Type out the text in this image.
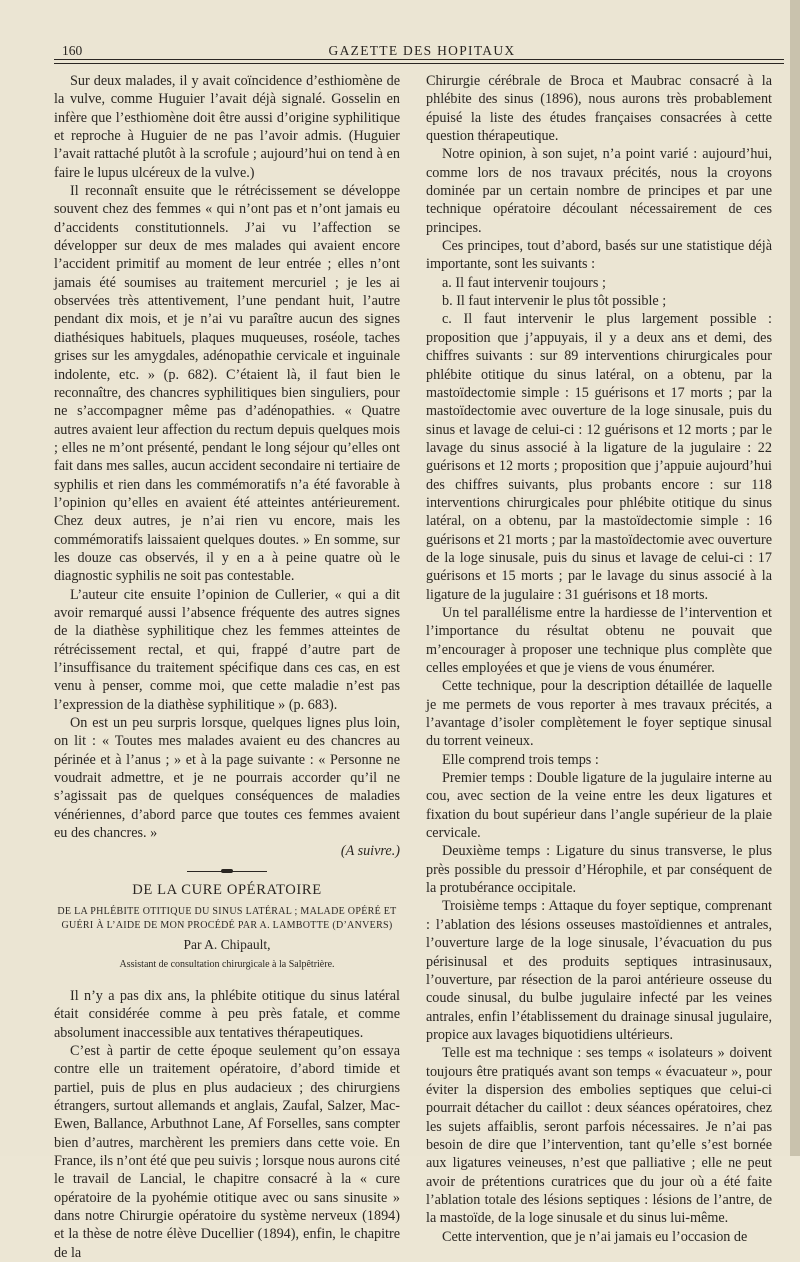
160	GAZETTE DES HOPITAUX

Sur deux malades, il y avait coïncidence d’esthiomène de la vulve, comme Huguier l’avait déjà signalé. Gosselin en infère que l’esthiomène doit être aussi d’origine syphilitique et reproche à Huguier de ne pas l’avoir admis. (Huguier l’avait rattaché plutôt à la scrofule ; aujourd’hui on tend à en faire le lupus ulcéreux de la vulve.)

Il reconnaît ensuite que le rétrécissement se développe souvent chez des femmes « qui n’ont pas et n’ont jamais eu d’accidents constitutionnels. J’ai vu l’affection se développer sur deux de mes malades qui avaient encore l’accident primitif au moment de leur entrée ; elles n’ont jamais été soumises au traitement mercuriel ; je les ai observées très attentivement, l’une pendant huit, l’autre pendant dix mois, et je n’ai vu paraître aucun des signes diathésiques habituels, plaques muqueuses, roséole, taches grises sur les amygdales, adénopathie cervicale et inguinale indolente, etc. » (p. 682). C’étaient là, il faut bien le reconnaître, des chancres syphilitiques bien singuliers, pour ne s’accompagner même pas d’adénopathies. « Quatre autres avaient leur affection du rectum depuis quelques mois ; elles ne m’ont présenté, pendant le long séjour qu’elles ont fait dans mes salles, aucun accident secondaire ni tertiaire de syphilis et rien dans les commémoratifs n’a été favorable à l’opinion qu’elles en avaient été atteintes antérieurement. Chez deux autres, je n’ai rien vu encore, mais les commémoratifs laissaient quelques doutes. » En somme, sur les douze cas observés, il y en a à peine quatre où le diagnostic syphilis ne soit pas contestable.

L’auteur cite ensuite l’opinion de Cullerier, « qui a dit avoir remarqué aussi l’absence fréquente des autres signes de la diathèse syphilitique chez les femmes atteintes de rétrécissement rectal, et qui, frappé d’autre part de l’insuffisance du traitement spécifique dans ces cas, en est venu à penser, comme moi, que cette maladie n’est pas l’expression de la diathèse syphilitique » (p. 683).

On est un peu surpris lorsque, quelques lignes plus loin, on lit : « Toutes mes malades avaient eu des chancres au périnée et à l’anus ; » et à la page suivante : « Personne ne voudrait admettre, et je ne pourrais accorder qu’il ne s’agissait pas de quelques conséquences de maladies vénériennes, d’abord parce que toutes ces femmes avaient eu des chancres. »

(A suivre.)

DE LA CURE OPÉRATOIRE
DE LA PHLÉBITE OTITIQUE DU SINUS LATÉRAL ; MALADE OPÉRÉ ET GUÉRI À L’AIDE DE MON PROCÉDÉ PAR A. LAMBOTTE (D’ANVERS)
Par A. Chipault,
Assistant de consultation chirurgicale à la Salpêtrière.

Il n’y a pas dix ans, la phlébite otitique du sinus latéral était considérée comme à peu près fatale, et comme absolument inaccessible aux tentatives thérapeutiques.

C’est à partir de cette époque seulement qu’on essaya contre elle un traitement opératoire, d’abord timide et partiel, puis de plus en plus audacieux ; des chirurgiens étrangers, surtout allemands et anglais, Zaufal, Salzer, Mac-Ewen, Ballance, Arbuthnot Lane, Af Forselles, sans compter bien d’autres, marchèrent les premiers dans cette voie. En France, ils n’ont été que peu suivis ; lorsque nous aurons cité le travail de Lancial, le chapitre consacré à la « cure opératoire de la pyohémie otitique avec ou sans sinusite » dans notre Chirurgie opératoire du système nerveux (1894) et la thèse de notre élève Ducellier (1894), enfin, le chapitre de la

Chirurgie cérébrale de Broca et Maubrac consacré à la phlébite des sinus (1896), nous aurons très probablement épuisé la liste des études françaises consacrées à cette question thérapeutique.

Notre opinion, à son sujet, n’a point varié : aujourd’hui, comme lors de nos travaux précités, nous la croyons dominée par un certain nombre de principes et par une technique opératoire découlant nécessairement de ces principes.

Ces principes, tout d’abord, basés sur une statistique déjà importante, sont les suivants :

a. Il faut intervenir toujours ;

b. Il faut intervenir le plus tôt possible ;

c. Il faut intervenir le plus largement possible : proposition que j’appuyais, il y a deux ans et demi, des chiffres suivants : sur 89 interventions chirurgicales pour phlébite otitique du sinus latéral, on a obtenu, par la mastoïdectomie simple : 15 guérisons et 17 morts ; par la mastoïdectomie avec ouverture de la loge sinusale, puis du sinus et lavage de celui-ci : 12 guérisons et 12 morts ; par le lavage du sinus associé à la ligature de la jugulaire : 22 guérisons et 12 morts ; proposition que j’appuie aujourd’hui des chiffres suivants, plus probants encore : sur 118 interventions chirurgicales pour phlébite otitique du sinus latéral, on a obtenu, par la mastoïdectomie simple : 16 guérisons et 21 morts ; par la mastoïdectomie avec ouverture de la loge sinusale, puis du sinus et lavage de celui-ci : 17 guérisons et 15 morts ; par le lavage du sinus associé à la ligature de la jugulaire : 31 guérisons et 18 morts.

Un tel parallélisme entre la hardiesse de l’intervention et l’importance du résultat obtenu ne pouvait que m’encourager à proposer une technique plus complète que celles employées et que je viens de vous énumérer.

Cette technique, pour la description détaillée de laquelle je me permets de vous reporter à mes travaux précités, a l’avantage d’isoler complètement le foyer septique sinusal du torrent veineux.

Elle comprend trois temps :

Premier temps : Double ligature de la jugulaire interne au cou, avec section de la veine entre les deux ligatures et fixation du bout supérieur dans l’angle supérieur de la plaie cervicale.

Deuxième temps : Ligature du sinus transverse, le plus près possible du pressoir d’Hérophile, et par conséquent de la protubérance occipitale.

Troisième temps : Attaque du foyer septique, comprenant : l’ablation des lésions osseuses mastoïdiennes et antrales, l’ouverture large de la loge sinusale, l’évacuation du pus périsinusal et des produits septiques intrasinusaux, l’ouverture, par résection de la paroi antérieure osseuse du coude sinusal, du bulbe jugulaire infecté par les veines antrales, enfin l’établissement du drainage sinusal jugulaire, propice aux lavages biquotidiens ultérieurs.

Telle est ma technique : ses temps « isolateurs » doivent toujours être pratiqués avant son temps « évacuateur », pour éviter la dispersion des embolies septiques que celui-ci pourrait détacher du caillot : deux séances opératoires, chez les sujets affaiblis, seront parfois nécessaires. Je n’ai pas besoin de dire que l’intervention, tant qu’elle s’est bornée aux ligatures veineuses, n’est que palliative ; elle ne peut avoir de prétentions curatrices que du jour où a été faite l’ablation totale des lésions septiques : lésions de l’antre, de la mastoïde, de la loge sinusale et du sinus lui-même.

Cette intervention, que je n’ai jamais eu l’occasion de
